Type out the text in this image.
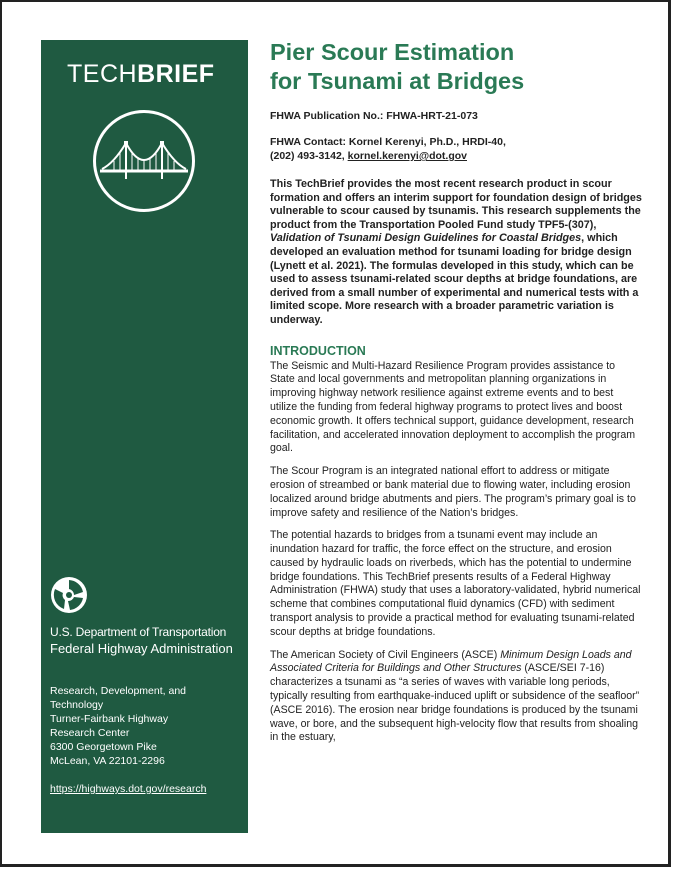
TECHBRIEF
U.S. Department of Transportation
Federal Highway Administration
Research, Development, and
Technology
Turner-Fairbank Highway
Research Center
6300 Georgetown Pike
McLean, VA 22101-2296
https://highways.dot.gov/research
Pier Scour Estimation
for Tsunami at Bridges
FHWA Publication No.: FHWA-HRT-21-073
FHWA Contact: Kornel Kerenyi, Ph.D., HRDI-40,
(202) 493-3142, kornel.kerenyi@dot.gov
This TechBrief provides the most recent research product in scour formation and offers an interim support for foundation design of bridges vulnerable to scour caused by tsunamis. This research supplements the product from the Transportation Pooled Fund study TPF5-(307), Validation of Tsunami Design Guidelines for Coastal Bridges, which developed an evaluation method for tsunami loading for bridge design (Lynett et al. 2021). The formulas developed in this study, which can be used to assess tsunami-related scour depths at bridge foundations, are derived from a small number of experimental and numerical tests with a limited scope. More research with a broader parametric variation is underway.
INTRODUCTION

The Seismic and Multi-Hazard Resilience Program provides assistance to State and local governments and metropolitan planning organizations in improving highway network resilience against extreme events and to best utilize the funding from federal highway programs to protect lives and boost economic growth. It offers technical support, guidance development, research facilitation, and accelerated innovation deployment to accomplish the program goal.

The Scour Program is an integrated national effort to address or mitigate erosion of streambed or bank material due to flowing water, including erosion localized around bridge abutments and piers. The program’s primary goal is to improve safety and resilience of the Nation’s bridges.

The potential hazards to bridges from a tsunami event may include an inundation hazard for traffic, the force effect on the structure, and erosion caused by hydraulic loads on riverbeds, which has the potential to undermine bridge foundations. This TechBrief presents results of a Federal Highway Administration (FHWA) study that uses a laboratory-validated, hybrid numerical scheme that combines computational fluid dynamics (CFD) with sediment transport analysis to provide a practical method for evaluating tsunami-related scour depths at bridge foundations.

The American Society of Civil Engineers (ASCE) Minimum Design Loads and Associated Criteria for Buildings and Other Structures (ASCE/SEI 7-16) characterizes a tsunami as “a series of waves with variable long periods, typically resulting from earthquake-induced uplift or subsidence of the seafloor” (ASCE 2016). The erosion near bridge foundations is produced by the tsunami wave, or bore, and the subsequent high-velocity flow that results from shoaling in the estuary,
